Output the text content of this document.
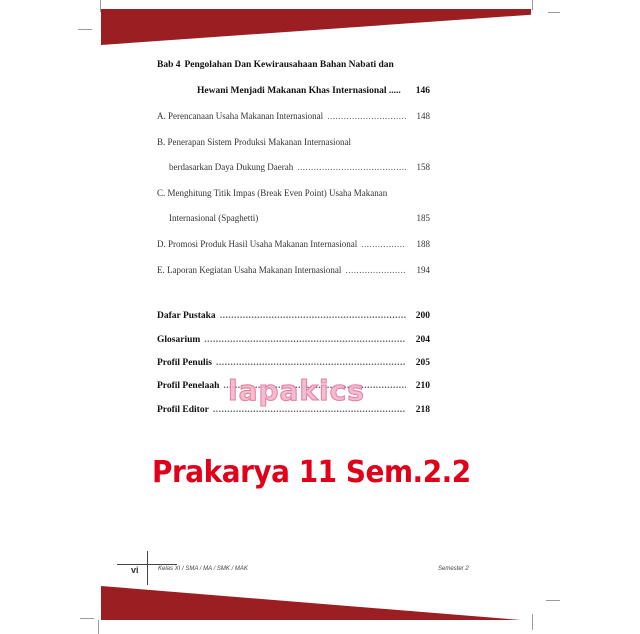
Bab 4 Pengolahan Dan Kewirausahaan Bahan Nabati dan
Hewani Menjadi Makanan Khas Internasional .....	146
A. Perencanaan Usaha Makanan Internasional .....	148
B. Penerapan Sistem Produksi Makanan Internasional
berdasarkan Daya Dukung Daerah .....	158
C. Menghitung Titik Impas (Break Even Point) Usaha Makanan
Internasional (Spaghetti)	185
D. Promosi Produk Hasil Usaha Makanan Internasional .....	188
E. Laporan Kegiatan Usaha Makanan Internasional .....	194
Dafar Pustaka .....	200
Glosarium .....	204
Profil Penulis .....	205
Profil Penelaah .....	210
Profil Editor .....	218
lapakics
Prakarya 11 Sem.2.2
vi	Kelas XI / SMA / MA / SMK / MAK	Semester 2
